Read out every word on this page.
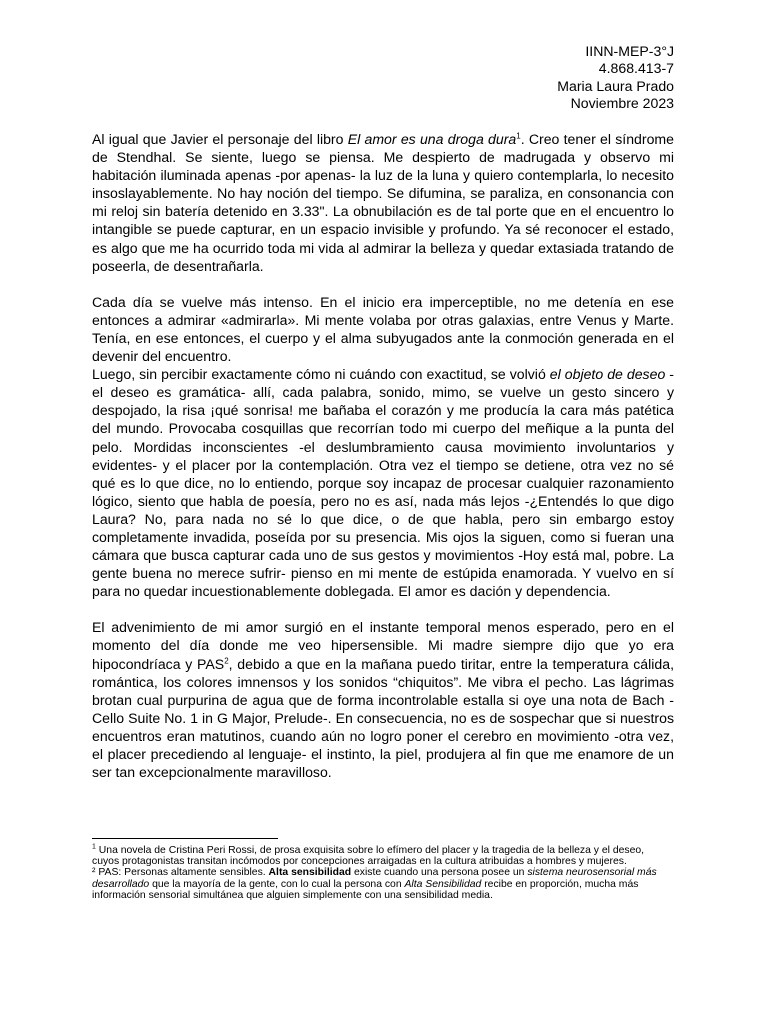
IINN-MEP-3°J
4.868.413-7
Maria Laura Prado
Noviembre 2023

Al igual que Javier el personaje del libro El amor es una droga dura$^1$. Creo tener el síndrome de Stendhal. Se siente, luego se piensa. Me despierto de madrugada y observo mi habitación iluminada apenas -por apenas- la luz de la luna y quiero contemplarla, lo necesito insoslayablemente. No hay noción del tiempo. Se difumina, se paraliza, en consonancia con mi reloj sin batería detenido en 3.33". La obnubilación es de tal porte que en el encuentro lo intangible se puede capturar, en un espacio invisible y profundo. Ya sé reconocer el estado, es algo que me ha ocurrido toda mi vida al admirar la belleza y quedar extasiada tratando de poseerla, de desentrañarla.

Cada día se vuelve más intenso. En el inicio era imperceptible, no me detenía en ese entonces a admirar «admirarla». Mi mente volaba por otras galaxias, entre Venus y Marte. Tenía, en ese entonces, el cuerpo y el alma subyugados ante la conmoción generada en el devenir del encuentro.

Luego, sin percibir exactamente cómo ni cuándo con exactitud, se volvió el objeto de deseo -el deseo es gramática- allí, cada palabra, sonido, mimo, se vuelve un gesto sincero y despojado, la risa ¡qué sonrisa! me bañaba el corazón y me producía la cara más patética del mundo. Provocaba cosquillas que recorrían todo mi cuerpo del meñique a la punta del pelo. Mordidas inconscientes -el deslumbramiento causa movimiento involuntarios y evidentes- y el placer por la contemplación. Otra vez el tiempo se detiene, otra vez no sé qué es lo que dice, no lo entiendo, porque soy incapaz de procesar cualquier razonamiento lógico, siento que habla de poesía, pero no es así, nada más lejos -¿Entendés lo que digo Laura? No, para nada no sé lo que dice, o de que habla, pero sin embargo estoy completamente invadida, poseída por su presencia. Mis ojos la siguen, como si fueran una cámara que busca capturar cada uno de sus gestos y movimientos -Hoy está mal, pobre. La gente buena no merece sufrir- pienso en mi mente de estúpida enamorada. Y vuelvo en sí para no quedar incuestionablemente doblegada. El amor es dación y dependencia.

El advenimiento de mi amor surgió en el instante temporal menos esperado, pero en el momento del día donde me veo hipersensible. Mi madre siempre dijo que yo era hipocondríaca y PAS$^2$, debido a que en la mañana puedo tiritar, entre la temperatura cálida, romántica, los colores imnensos y los sonidos “chiquitos”. Me vibra el pecho. Las lágrimas brotan cual purpurina de agua que de forma incontrolable estalla si oye una nota de Bach -Cello Suite No. 1 in G Major, Prelude-. En consecuencia, no es de sospechar que si nuestros encuentros eran matutinos, cuando aún no logro poner el cerebro en movimiento -otra vez, el placer precediendo al lenguaje- el instinto, la piel, produjera al fin que me enamore de un ser tan excepcionalmente maravilloso.

$^1$ Una novela de Cristina Peri Rossi, de prosa exquisita sobre lo efímero del placer y la tragedia de la belleza y el deseo, cuyos protagonistas transitan incómodos por concepciones arraigadas en la cultura atribuidas a hombres y mujeres.

² PAS: Personas altamente sensibles. Alta sensibilidad existe cuando una persona posee un sistema neurosensorial más desarrollado que la mayoría de la gente, con lo cual la persona con Alta Sensibilidad recibe en proporción, mucha más información sensorial simultánea que alguien simplemente con una sensibilidad media.
